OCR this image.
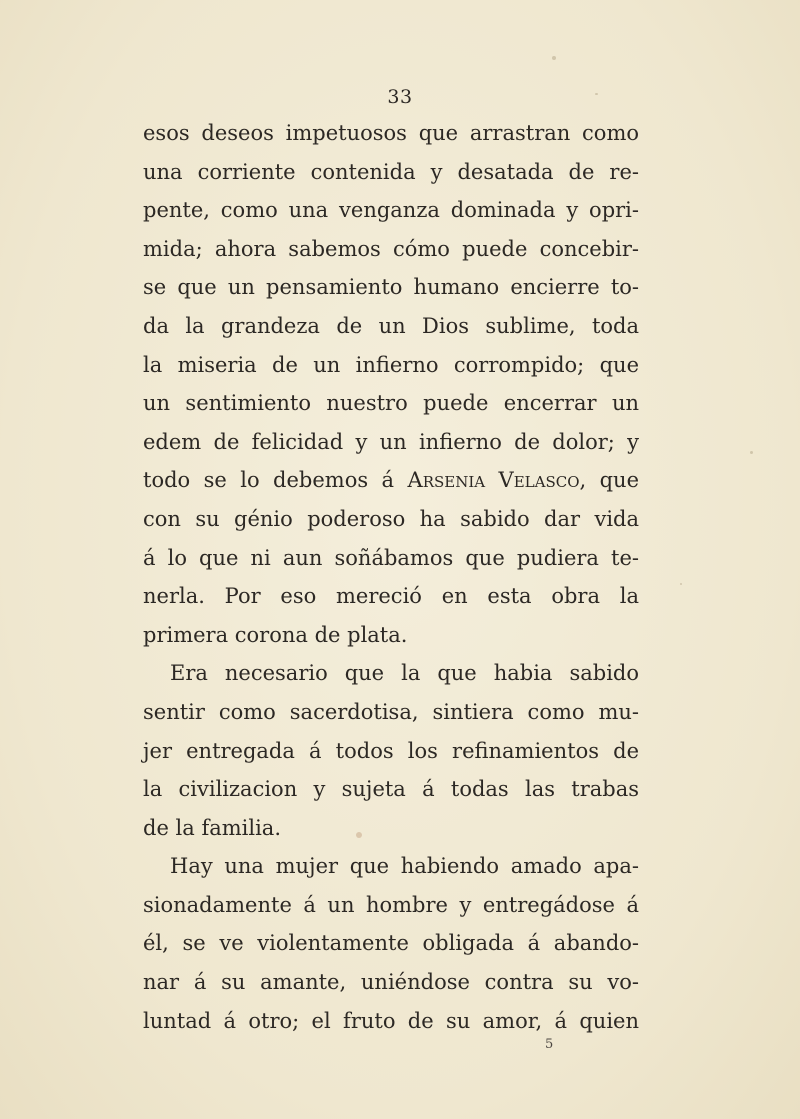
33
esos deseos impetuosos que arrastran como
una corriente contenida y desatada de re-
pente, como una venganza dominada y opri-
mida; ahora sabemos cómo puede concebir-
se que un pensamiento humano encierre to-
da la grandeza de un Dios sublime, toda
la miseria de un infierno corrompido; que
un sentimiento nuestro puede encerrar un
edem de felicidad y un infierno de dolor; y
todo se lo debemos á Arsenia Velasco, que
con su génio poderoso ha sabido dar vida
á lo que ni aun soñábamos que pudiera te-
nerla. Por eso mereció en esta obra la
primera corona de plata.
Era necesario que la que habia sabido
sentir como sacerdotisa, sintiera como mu-
jer entregada á todos los refinamientos de
la civilizacion y sujeta á todas las trabas
de la familia.
Hay una mujer que habiendo amado apa-
sionadamente á un hombre y entregádose á
él, se ve violentamente obligada á abando-
nar á su amante, uniéndose contra su vo-
luntad á otro; el fruto de su amor, á quien
5
